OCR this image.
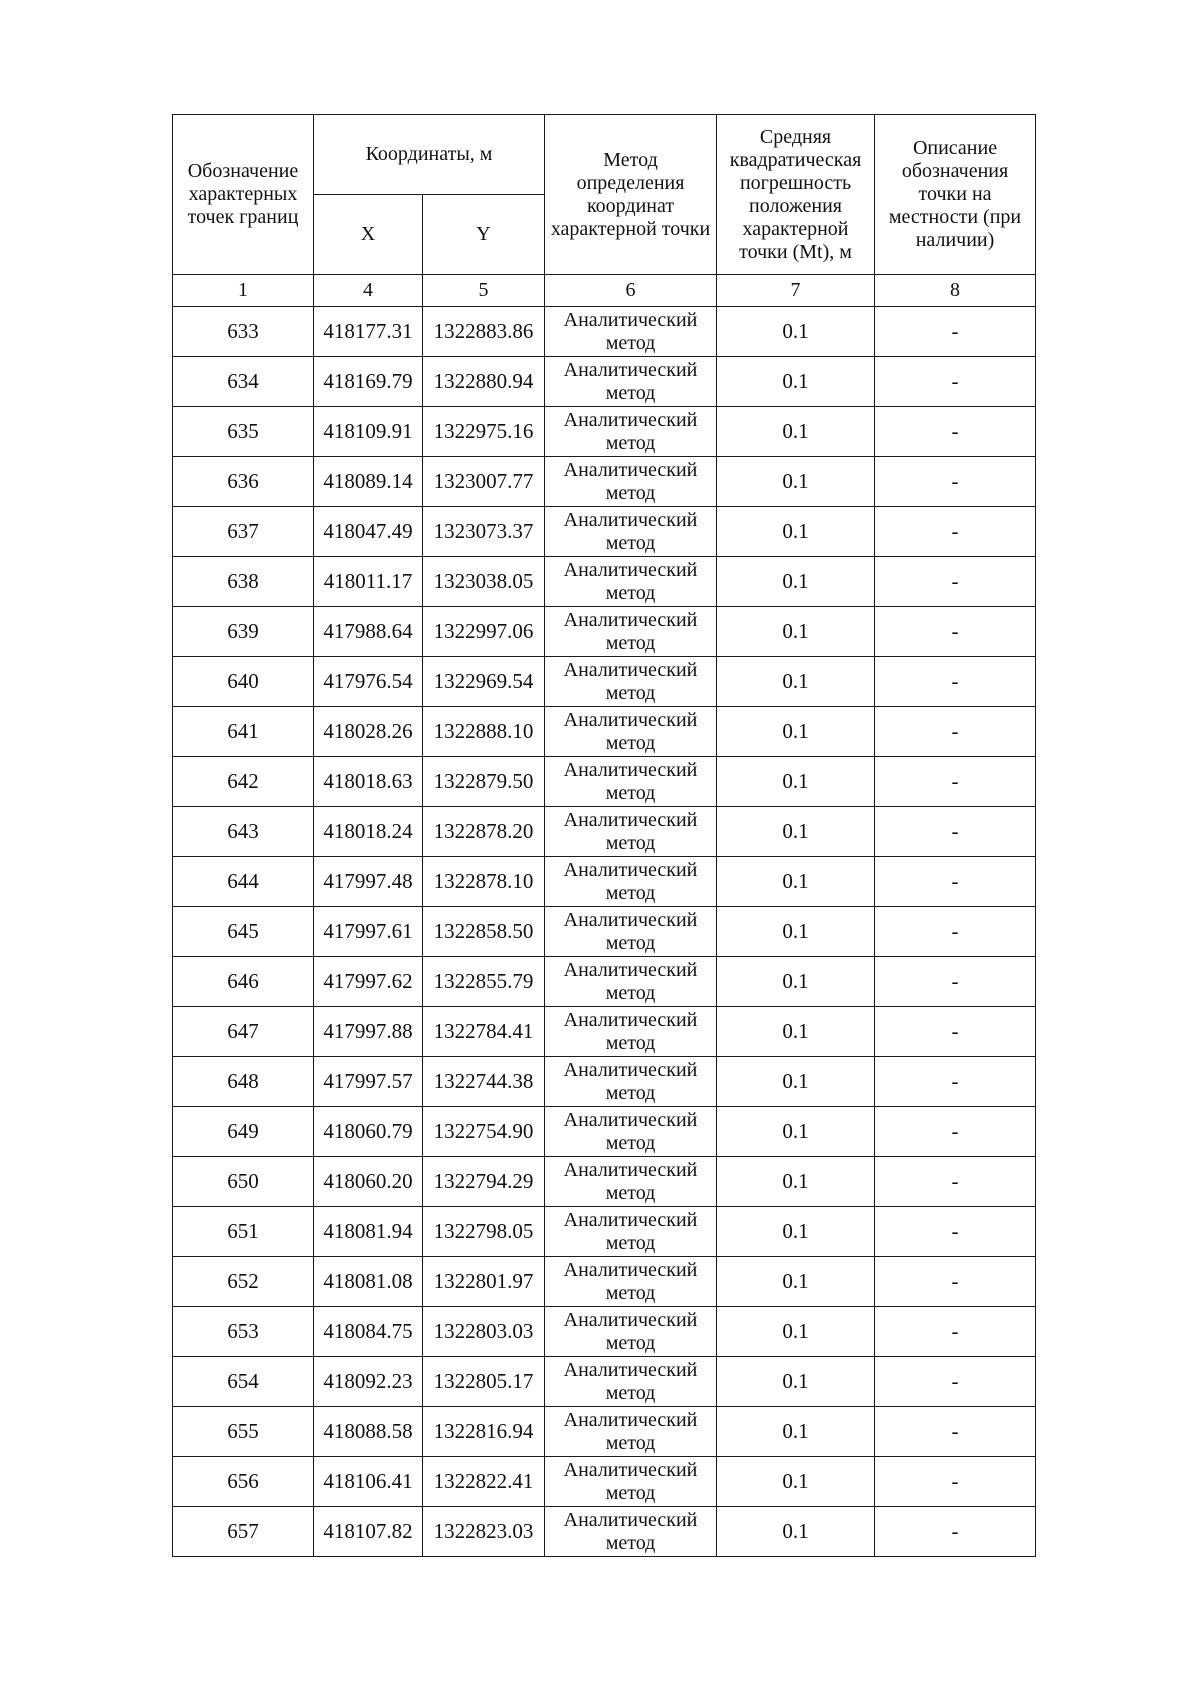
Обозначение характерных точек границ	Координаты, м		Метод определения координат характерной точки	Средняя квадратическая погрешность положения характерной точки (Mt), м	Описание обозначения точки на местности (при наличии)
	X	Y			
1	4	5	6	7	8
633	418177.31	1322883.86	Аналитический метод	0.1	-
634	418169.79	1322880.94	Аналитический метод	0.1	-
635	418109.91	1322975.16	Аналитический метод	0.1	-
636	418089.14	1323007.77	Аналитический метод	0.1	-
637	418047.49	1323073.37	Аналитический метод	0.1	-
638	418011.17	1323038.05	Аналитический метод	0.1	-
639	417988.64	1322997.06	Аналитический метод	0.1	-
640	417976.54	1322969.54	Аналитический метод	0.1	-
641	418028.26	1322888.10	Аналитический метод	0.1	-
642	418018.63	1322879.50	Аналитический метод	0.1	-
643	418018.24	1322878.20	Аналитический метод	0.1	-
644	417997.48	1322878.10	Аналитический метод	0.1	-
645	417997.61	1322858.50	Аналитический метод	0.1	-
646	417997.62	1322855.79	Аналитический метод	0.1	-
647	417997.88	1322784.41	Аналитический метод	0.1	-
648	417997.57	1322744.38	Аналитический метод	0.1	-
649	418060.79	1322754.90	Аналитический метод	0.1	-
650	418060.20	1322794.29	Аналитический метод	0.1	-
651	418081.94	1322798.05	Аналитический метод	0.1	-
652	418081.08	1322801.97	Аналитический метод	0.1	-
653	418084.75	1322803.03	Аналитический метод	0.1	-
654	418092.23	1322805.17	Аналитический метод	0.1	-
655	418088.58	1322816.94	Аналитический метод	0.1	-
656	418106.41	1322822.41	Аналитический метод	0.1	-
657	418107.82	1322823.03	Аналитический метод	0.1	-
